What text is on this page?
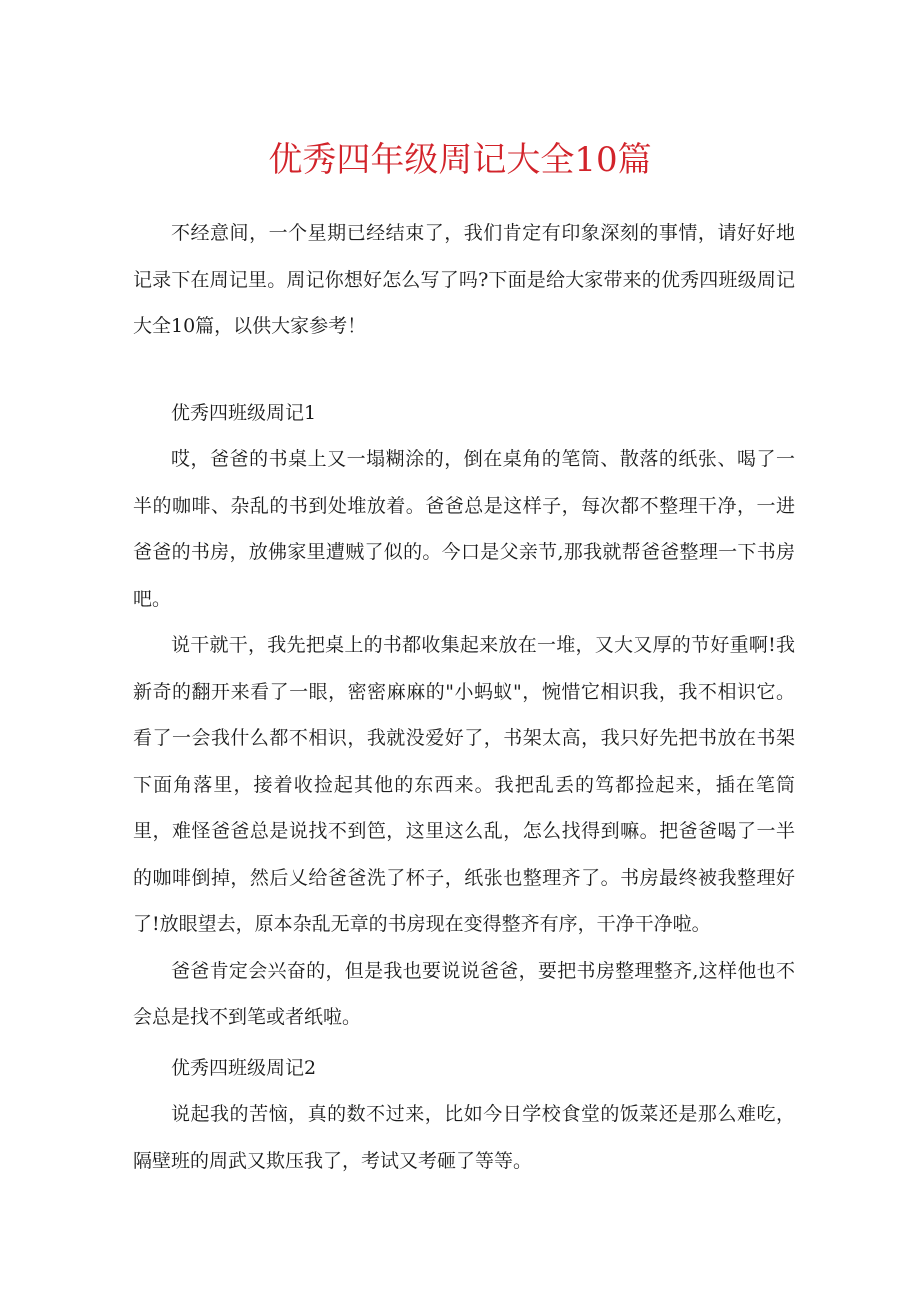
优秀四年级周记大全10篇

不经意间，一个星期已经结束了，我们肯定有印象深刻的事情，请好好地记录下在周记里。周记你想好怎么写了吗?下面是给大家带来的优秀四班级周记大全10篇，以供大家参考！

优秀四班级周记1

哎，爸爸的书桌上又一塌糊涂的，倒在桌角的笔筒、散落的纸张、喝了一半的咖啡、杂乱的书到处堆放着。爸爸总是这样子，每次都不整理干净，一进爸爸的书房，放佛家里遭贼了似的。今口是父亲节,那我就帮爸爸整理一下书房吧。

说干就干，我先把桌上的书都收集起来放在一堆，又大又厚的节好重啊!我新奇的翻开来看了一眼，密密麻麻的"小蚂蚁"，惋惜它相识我，我不相识它。看了一会我什么都不相识，我就没爱好了，书架太高，我只好先把书放在书架下面角落里，接着收捡起其他的东西来。我把乱丢的笃都捡起来，插在笔筒里，难怪爸爸总是说找不到笆，这里这么乱，怎么找得到嘛。把爸爸喝了一半的咖啡倒掉，然后乂给爸爸洗了杯子，纸张也整理齐了。书房最终被我整理好了!放眼望去，原本杂乱无章的书房现在变得整齐有序，干净干净啦。

爸爸肯定会兴奋的，但是我也要说说爸爸，要把书房整理整齐,这样他也不会总是找不到笔或者纸啦。

优秀四班级周记2

说起我的苦恼，真的数不过来，比如今日学校食堂的饭菜还是那么难吃，隔壁班的周武又欺压我了，考试又考砸了等等。
